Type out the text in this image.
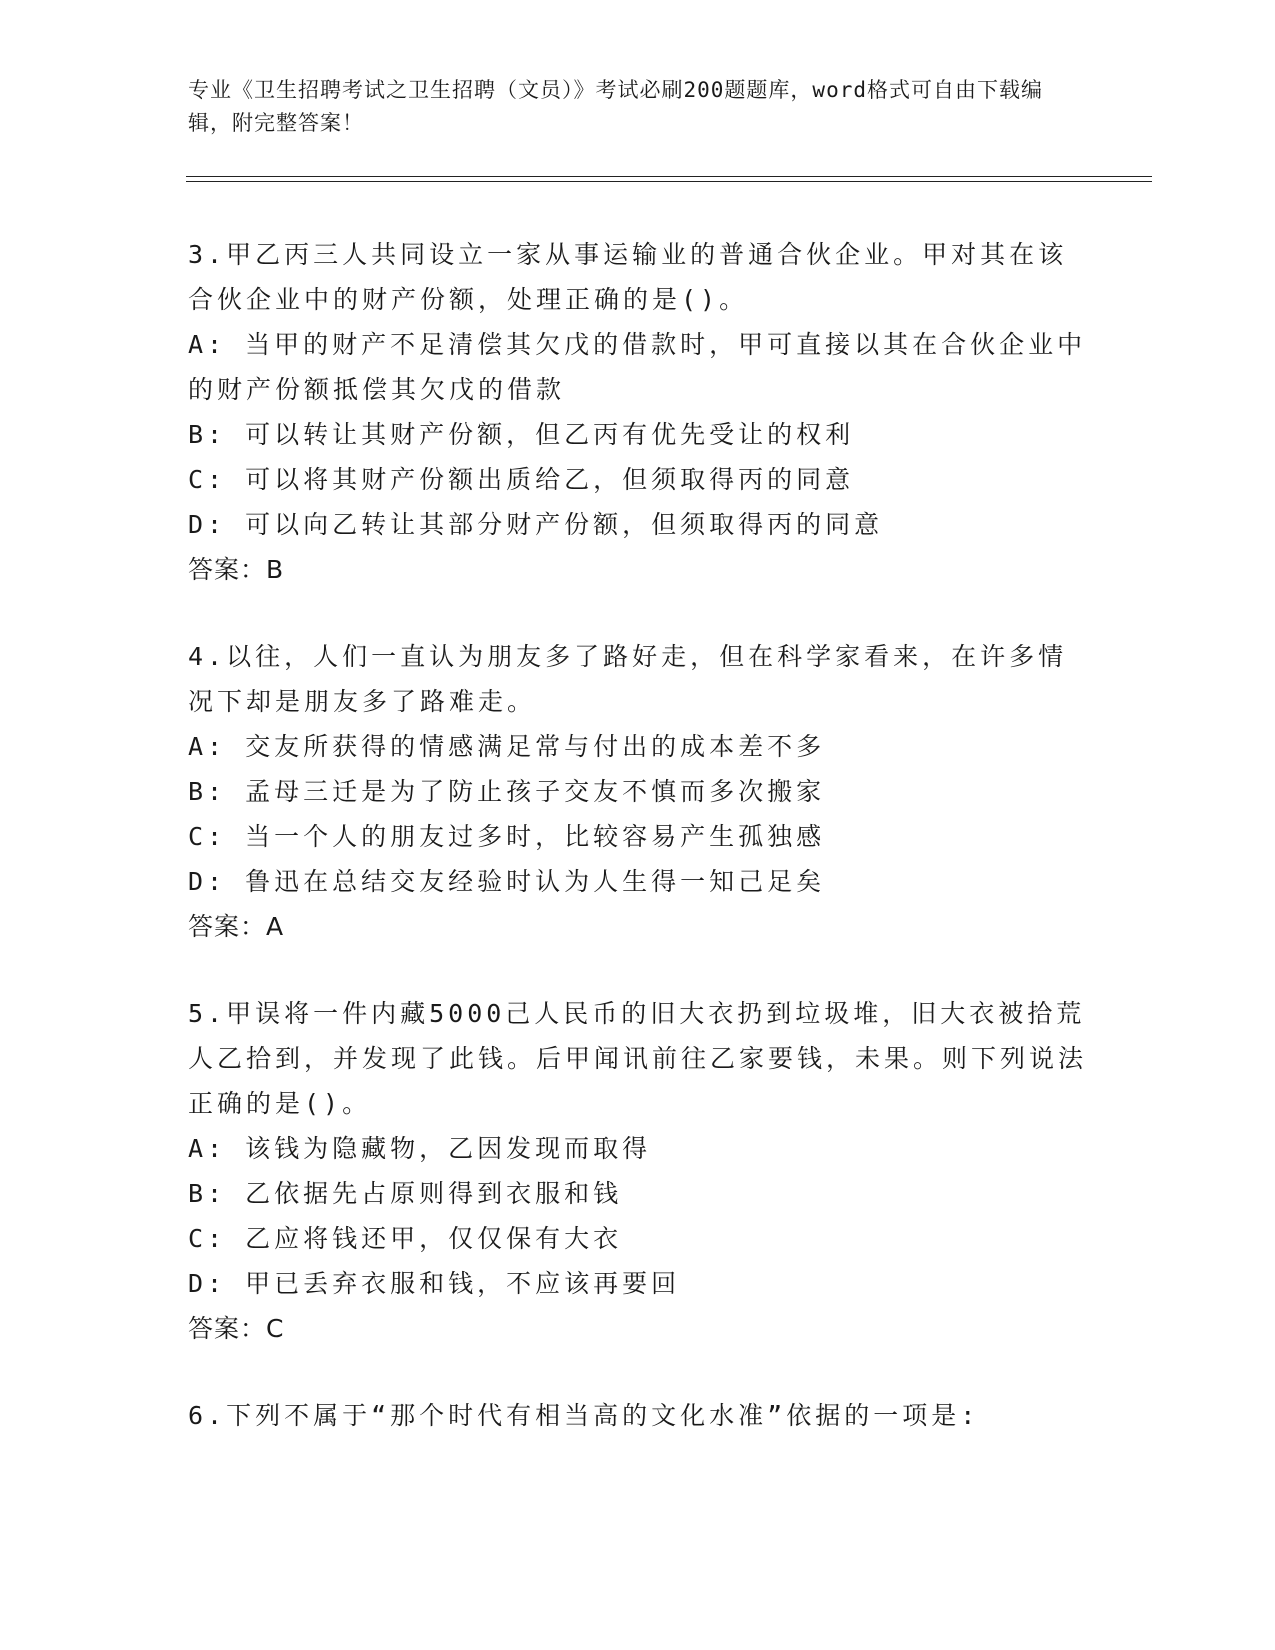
专业《卫生招聘考试之卫生招聘（文员）》考试必刷200题题库，word格式可自由下载编辑，附完整答案！
3.甲乙丙三人共同设立一家从事运输业的普通合伙企业。甲对其在该合伙企业中的财产份额，处理正确的是()。
A: 当甲的财产不足清偿其欠戊的借款时，甲可直接以其在合伙企业中的财产份额抵偿其欠戊的借款
B: 可以转让其财产份额，但乙丙有优先受让的权利
C: 可以将其财产份额出质给乙，但须取得丙的同意
D: 可以向乙转让其部分财产份额，但须取得丙的同意
答案：B
4.以往，人们一直认为朋友多了路好走，但在科学家看来，在许多情况下却是朋友多了路难走。
A: 交友所获得的情感满足常与付出的成本差不多
B: 孟母三迁是为了防止孩子交友不慎而多次搬家
C: 当一个人的朋友过多时，比较容易产生孤独感
D: 鲁迅在总结交友经验时认为人生得一知己足矣
答案：A
5.甲误将一件内藏5000己人民币的旧大衣扔到垃圾堆，旧大衣被拾荒人乙拾到，并发现了此钱。后甲闻讯前往乙家要钱，未果。则下列说法正确的是()。
A: 该钱为隐藏物，乙因发现而取得
B: 乙依据先占原则得到衣服和钱
C: 乙应将钱还甲，仅仅保有大衣
D: 甲已丢弃衣服和钱，不应该再要回
答案：C
6.下列不属于“那个时代有相当高的文化水准”依据的一项是:
